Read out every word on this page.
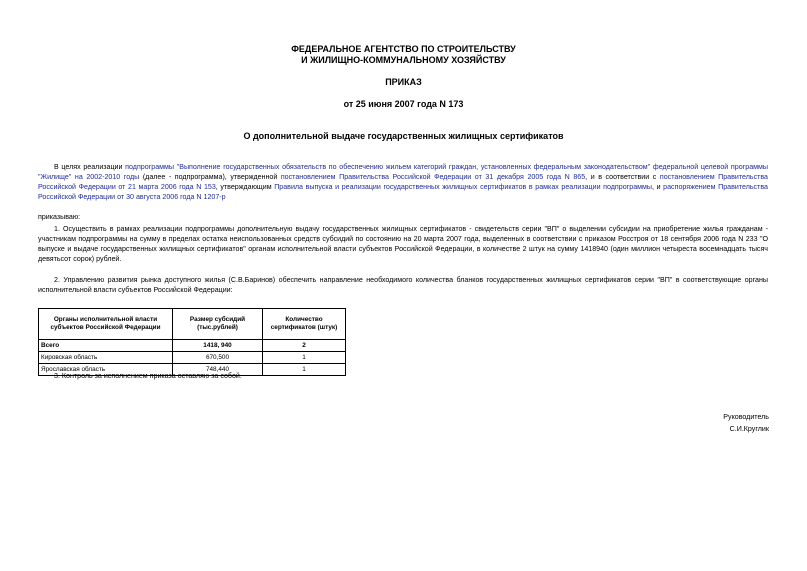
ФЕДЕРАЛЬНОЕ АГЕНТСТВО ПО СТРОИТЕЛЬСТВУ
И ЖИЛИЩНО-КОММУНАЛЬНОМУ ХОЗЯЙСТВУ
ПРИКАЗ
от 25 июня 2007 года N 173
О дополнительной выдаче государственных жилищных сертификатов
В целях реализации подпрограммы "Выполнение государственных обязательств по обеспечению жильем категорий граждан, установленных федеральным законодательством" федеральной целевой программы "Жилище" на 2002-2010 годы (далее - подпрограмма), утвержденной постановлением Правительства Российской Федерации от 31 декабря 2005 года N 865, и в соответствии с постановлением Правительства Российской Федерации от 21 марта 2006 года N 153, утверждающим Правила выпуска и реализации государственных жилищных сертификатов в рамках реализации подпрограммы, и распоряжением Правительства Российской Федерации от 30 августа 2006 года N 1207-р
приказываю:
1. Осуществить в рамках реализации подпрограммы дополнительную выдачу государственных жилищных сертификатов - свидетельств серии "ВП" о выделении субсидии на приобретение жилья гражданам - участникам подпрограммы на сумму в пределах остатка неиспользованных средств субсидий по состоянию на 20 марта 2007 года, выделенных в соответствии с приказом Росстроя от 18 сентября 2006 года N 233 "О выпуске и выдаче государственных жилищных сертификатов" органам исполнительной власти субъектов Российской Федерации, в количестве 2 штук на сумму 1418940 (один миллион четыреста восемнадцать тысяч девятьсот сорок) рублей.
2. Управлению развития рынка доступного жилья (С.В.Баринов) обеспечить направление необходимого количества бланков государственных жилищных сертификатов серии "ВП" в соответствующие органы исполнительной власти субъектов Российской Федерации:
Органы исполнительной власти субъектов Российской Федерации	Размер субсидий (тыс.рублей)	Количество сертификатов (штук)
Всего	1418, 940	2
Кировская область	670,500	1
Ярославская область	748,440	1
3. Контроль за исполнением приказа оставляю за собой.
Руководитель
С.И.Круглик
